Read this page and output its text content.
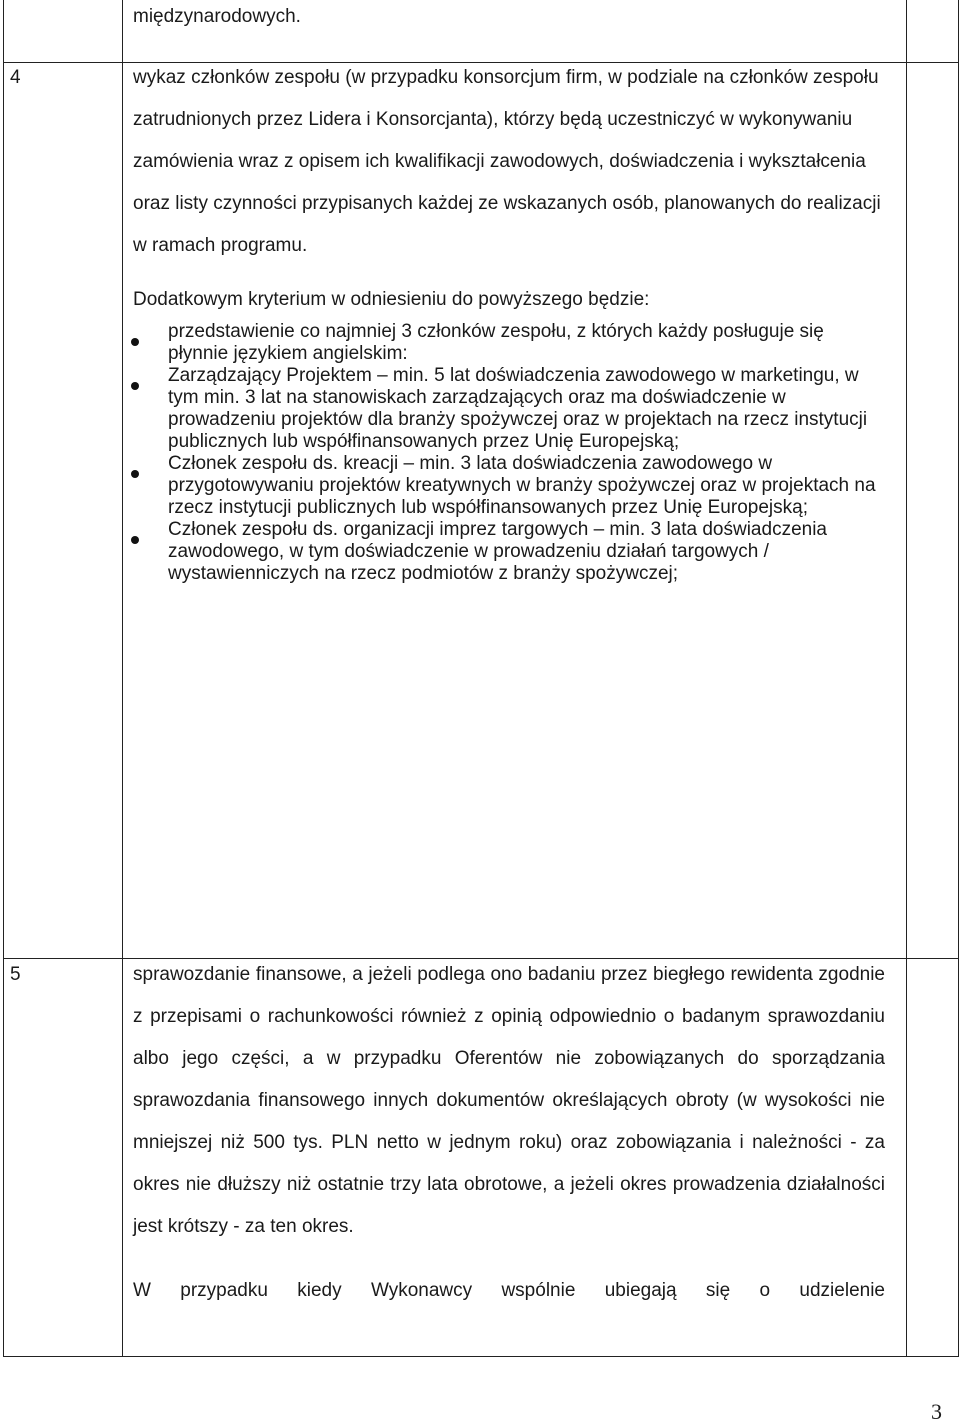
międzynarodowych.

4	wykaz członków zespołu (w przypadku konsorcjum firm, w podziale na członków zespołu zatrudnionych przez Lidera i Konsorcjanta), którzy będą uczestniczyć w wykonywaniu zamówienia wraz z opisem ich kwalifikacji zawodowych, doświadczenia i wykształcenia oraz listy czynności przypisanych każdej ze wskazanych osób, planowanych do realizacji w ramach programu.

Dodatkowym kryterium w odniesieniu do powyższego będzie:

przedstawienie co najmniej 3 członków zespołu, z których każdy posługuje się płynnie językiem angielskim:
Zarządzający Projektem – min. 5 lat doświadczenia zawodowego w marketingu, w tym min. 3 lat na stanowiskach zarządzających oraz ma doświadczenie w prowadzeniu projektów dla branży spożywczej oraz w projektach na rzecz instytucji publicznych lub współfinansowanych przez Unię Europejską;
Członek zespołu ds. kreacji – min. 3 lata doświadczenia zawodowego w przygotowywaniu projektów kreatywnych w branży spożywczej oraz w projektach na rzecz instytucji publicznych lub współfinansowanych przez Unię Europejską;
Członek zespołu ds. organizacji imprez targowych – min. 3 lata doświadczenia zawodowego, w tym doświadczenie w prowadzeniu działań targowych / wystawienniczych na rzecz podmiotów z branży spożywczej;
5	sprawozdanie finansowe, a jeżeli podlega ono badaniu przez biegłego rewidenta zgodnie z przepisami o rachunkowości również z opinią odpowiednio o badanym sprawozdaniu albo jego części, a w przypadku Oferentów nie zobowiązanych do sporządzania sprawozdania finansowego innych dokumentów określających obroty (w wysokości nie mniejszej niż 500 tys. PLN netto w jednym roku) oraz zobowiązania i należności - za okres nie dłuższy niż ostatnie trzy lata obrotowe, a jeżeli okres prowadzenia działalności jest krótszy - za ten okres.

W przypadku kiedy Wykonawcy wspólnie ubiegają się o udzielenie

3
